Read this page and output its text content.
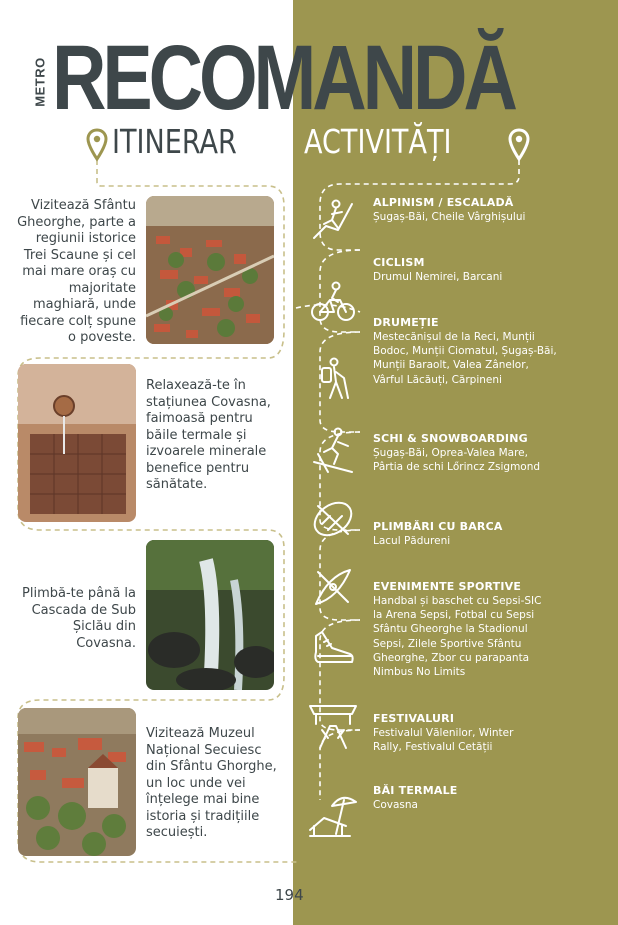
METRO RECOMANDĂ
ITINERAR ACTIVITĂȚI
Vizitează Sfântu Gheorghe, parte a regiunii istorice Trei Scaune și cel mai mare oraș cu majoritate maghiară, unde fiecare colț spune o poveste.
Relaxează-te în stațiunea Covasna, faimoasă pentru băile termale și izvoarele minerale benefice pentru sănătate.
Plimbă-te până la Cascada de Sub Șiclău din Covasna.
Vizitează Muzeul Național Secuiesc din Sfântu Ghorghe, un loc unde vei înțelege mai bine istoria și tradițiile secuiești.
ALPINISM / ESCALADĂ
Șugaș-Băi, Cheile Vârghișului
CICLISM
Drumul Nemirei, Barcani
DRUMEȚIE
Mestecănișul de la Reci, Munții Bodoc, Munții Ciomatul, Șugaș-Băi, Munții Baraolt, Valea Zânelor, Vârful Lăcăuți, Cărpineni
SCHI & SNOWBOARDING
Șugaș-Băi, Oprea-Valea Mare, Pârtia de schi Lőrincz Zsigmond
PLIMBĂRI CU BARCA
Lacul Pădureni
EVENIMENTE SPORTIVE
Handbal și baschet cu Sepsi-SIC la Arena Sepsi, Fotbal cu Sepsi Sfântu Gheorghe la Stadionul Sepsi, Zilele Sportive Sfântu Gheorghe, Zbor cu parapanta Nimbus No Limits
FESTIVALURI
Festivalul Vălenilor, Winter Rally, Festivalul Cetății
BĂI TERMALE
Covasna
194
